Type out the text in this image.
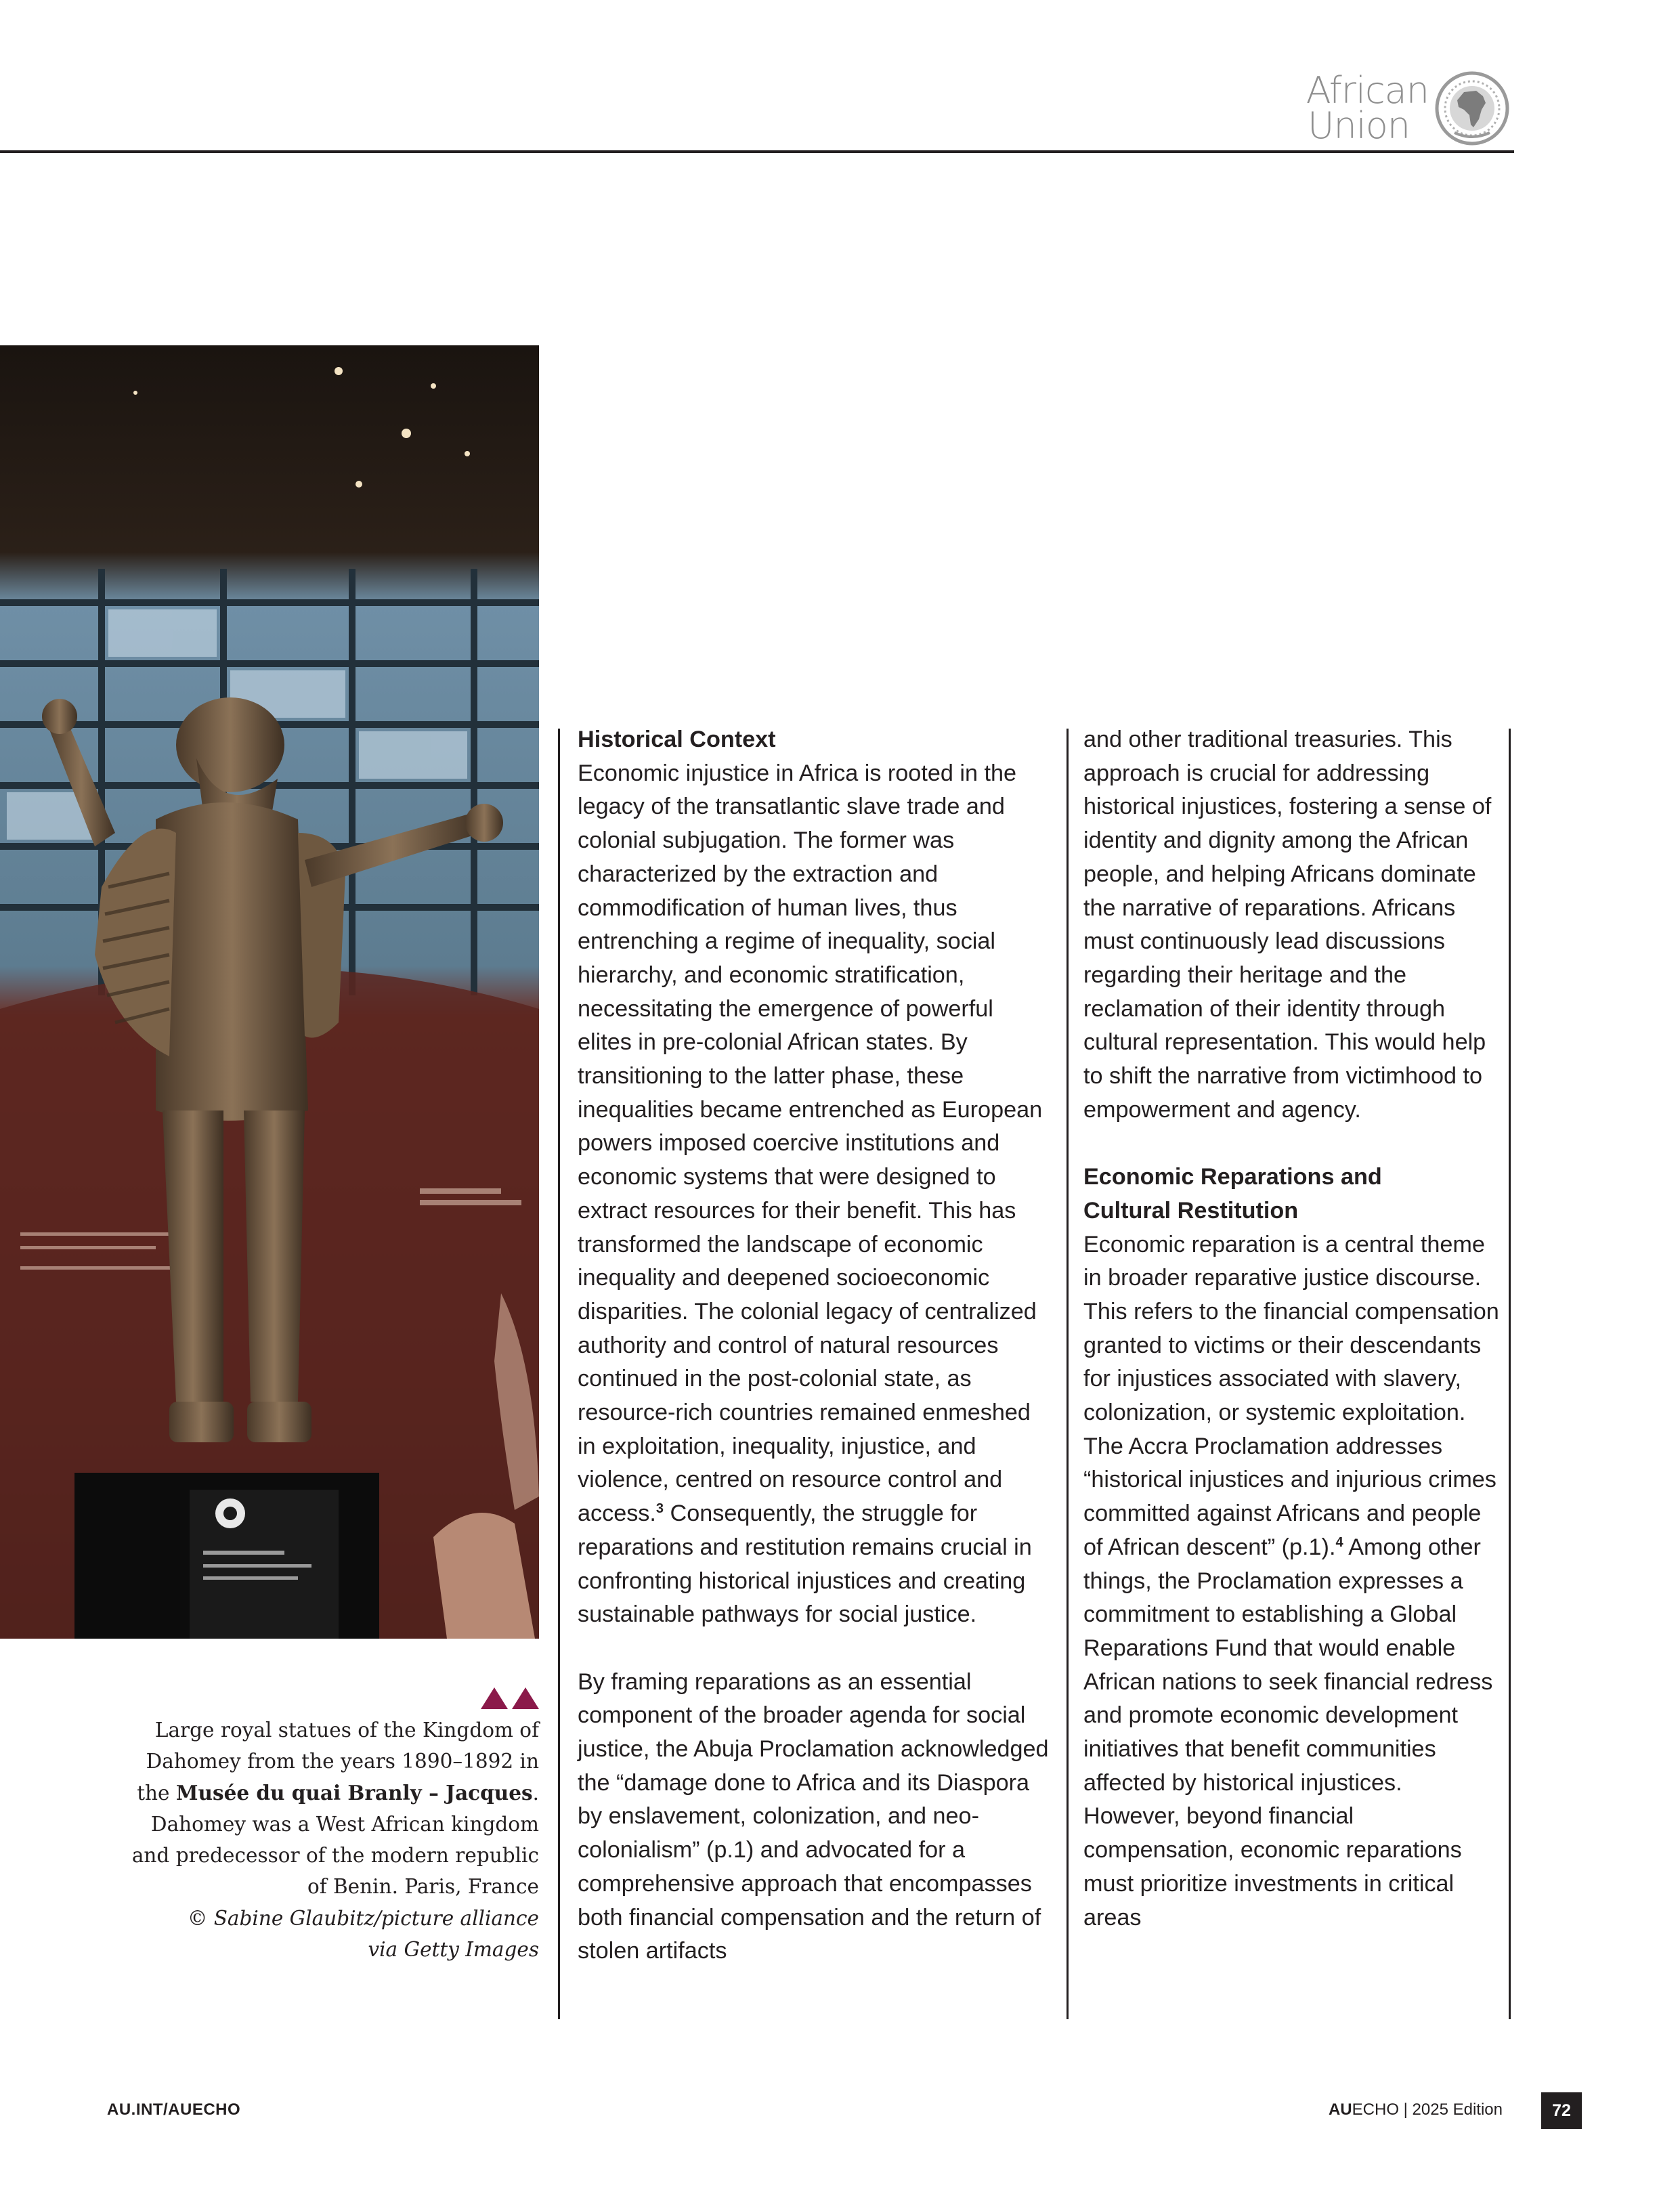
African
Union
Historical Context

Economic injustice in Africa is rooted in the legacy of the transatlantic slave trade and colonial subjugation. The former was characterized by the extraction and commodification of human lives, thus entrenching a regime of inequality, social hierarchy, and economic stratification, necessitating the emergence of powerful elites in pre-colonial African states. By transitioning to the latter phase, these inequalities became entrenched as European powers imposed coercive institutions and economic systems that were designed to extract resources for their benefit. This has transformed the landscape of economic inequality and deepened socioeconomic disparities. The colonial legacy of centralized authority and control of natural resources continued in the post-colonial state, as resource-rich countries remained enmeshed in exploitation, inequality, injustice, and violence, centred on resource control and access.$^3$ Consequently, the struggle for reparations and restitution remains crucial in confronting historical injustices and creating sustainable pathways for social justice.

By framing reparations as an essential component of the broader agenda for social justice, the Abuja Proclamation acknowledged the “damage done to Africa and its Diaspora by enslavement, colonization, and neo-colonialism” (p.1) and advocated for a comprehensive approach that encompasses both financial compensation and the return of stolen artifacts

and other traditional treasuries. This approach is crucial for addressing historical injustices, fostering a sense of identity and dignity among the African people, and helping Africans dominate the narrative of reparations. Africans must continuously lead discussions regarding their heritage and the reclamation of their identity through cultural representation. This would help to shift the narrative from victimhood to empowerment and agency.

Economic Reparations and
Cultural Restitution

Economic reparation is a central theme in broader reparative justice discourse. This refers to the financial compensation granted to victims or their descendants for injustices associated with slavery, colonization, or systemic exploitation. The Accra Proclamation addresses “historical injustices and injurious crimes committed against Africans and people of African descent” (p.1).$^4$ Among other things, the Proclamation expresses a commitment to establishing a Global Reparations Fund that would enable African nations to seek financial redress and promote economic development initiatives that benefit communities affected by historical injustices. However, beyond financial compensation, economic reparations must prioritize investments in critical areas

Large royal statues of the Kingdom of
Dahomey from the years 1890–1892 in
the Musée du quai Branly – Jacques.
Dahomey was a West African kingdom
and predecessor of the modern republic
of Benin. Paris, France
© Sabine Glaubitz/picture alliance
via Getty Images
AU.INT/AUECHO	AUECHO | 2025 Edition	72
